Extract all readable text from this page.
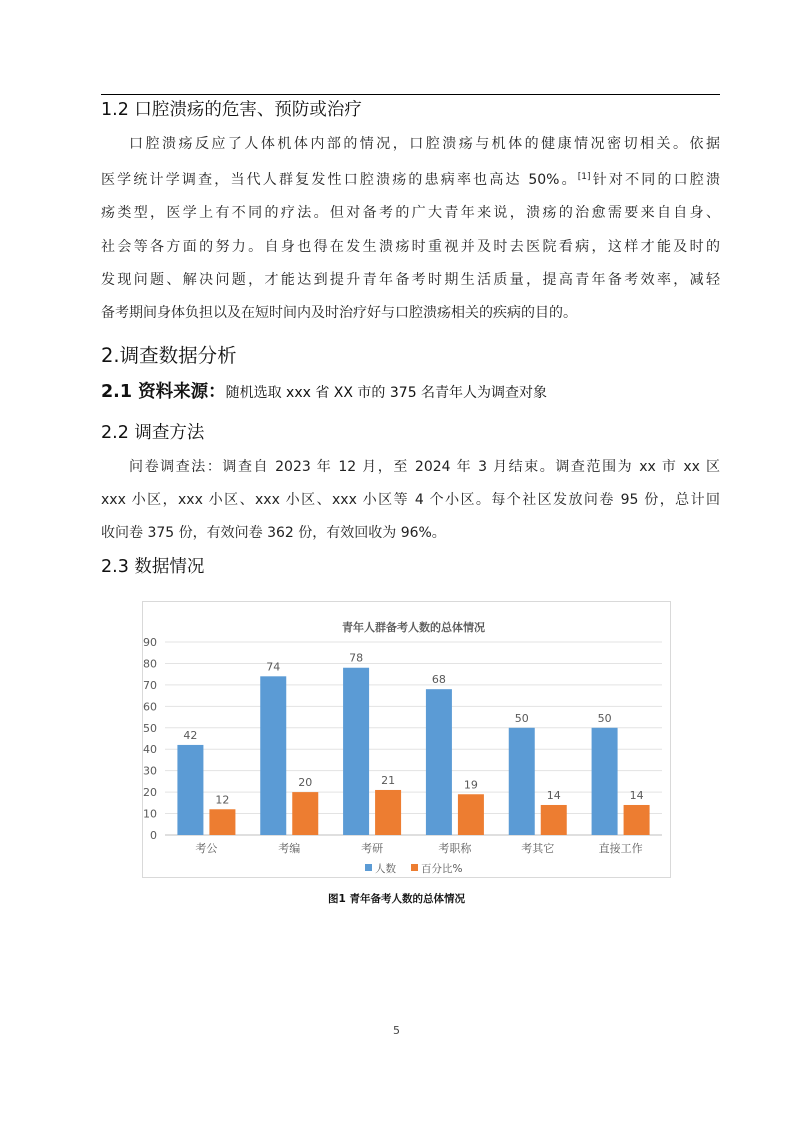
1.2 口腔溃疡的危害、预防或治疗
口腔溃疡反应了人体机体内部的情况，口腔溃疡与机体的健康情况密切相关。依据
医学统计学调查，当代人群复发性口腔溃疡的患病率也高达 50%。[1]针对不同的口腔溃
疡类型，医学上有不同的疗法。但对备考的广大青年来说，溃疡的治愈需要来自自身、
社会等各方面的努力。自身也得在发生溃疡时重视并及时去医院看病，这样才能及时的
发现问题、解决问题，才能达到提升青年备考时期生活质量，提高青年备考效率，减轻
备考期间身体负担以及在短时间内及时治疗好与口腔溃疡相关的疾病的目的。
2.调查数据分析
2.1 资料来源：随机选取 xxx 省 XX 市的 375 名青年人为调查对象
2.2 调查方法
问卷调查法：调查自 2023 年 12 月，至 2024 年 3 月结束。调查范围为 xx 市 xx 区
xxx 小区，xxx 小区、xxx 小区、xxx 小区等 4 个小区。每个社区发放问卷 95 份，总计回
收问卷 375 份，有效问卷 362 份，有效回收为 96%。
2.3 数据情况
青年人群备考人数的总体情况
0
10
20
30
40
50
60
70
80
90
42
12
考公
74
20
考编
78
21
考研
68
19
考职称
50
14
考其它
50
14
直接工作
人数 百分比%
图1 青年备考人数的总体情况
5
